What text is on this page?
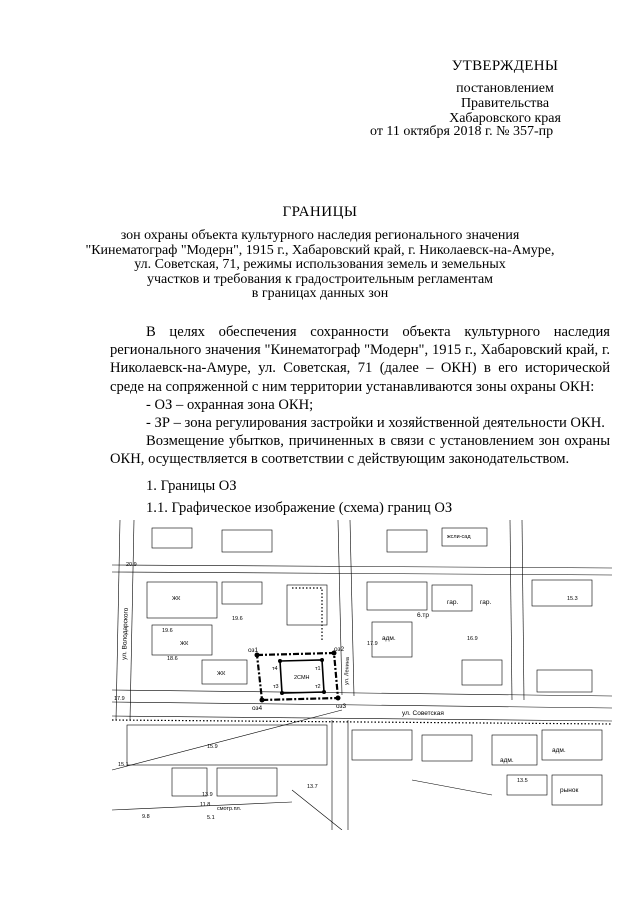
УТВЕРЖДЕНЫ
постановлением
Правительства
Хабаровского края
от 11 октября 2018 г. № 357-пр
ГРАНИЦЫ
зон охраны объекта культурного наследия регионального значения
"Кинематограф "Модерн", 1915 г., Хабаровский край, г. Николаевск-на-Амуре,
ул. Советская, 71, режимы использования земель и земельных
участков и требования к градостроительным регламентам
в границах данных зон

В целях обеспечения сохранности объекта культурного наследия регионального значения "Кинематограф "Модерн", 1915 г., Хабаровский край, г. Николаевск-на-Амуре, ул. Советская, 71 (далее – ОКН) в его исторической среде на сопряженной с ним территории устанавливаются зоны охраны ОКН:

- ОЗ – охранная зона ОКН;

- ЗР – зона регулирования застройки и хозяйственной деятельности ОКН.

Возмещение убытков, причиненных в связи с установлением зон охраны ОКН, осуществляется в соответствии с действующим законодательством.

1. Границы ОЗ
1.1. Графическое изображение (схема) границ ОЗ
ул. Володарского
ул. Советская
ул. Ленина
оз1	оз2
оз3
оз4
т4	т1
т2
т3
2СМН
гар.	гар.
6.тр
адм.
адм.
адм.
рынок
смотр.пл.
жсли-сад
20.9
19.6
19.6
18.6
17.9
16.9
15.3
15.9
15.1
13.9
13.7
13.5
11.8
9.8	5.1
17.9
ЖК
ЖК
ЖК
